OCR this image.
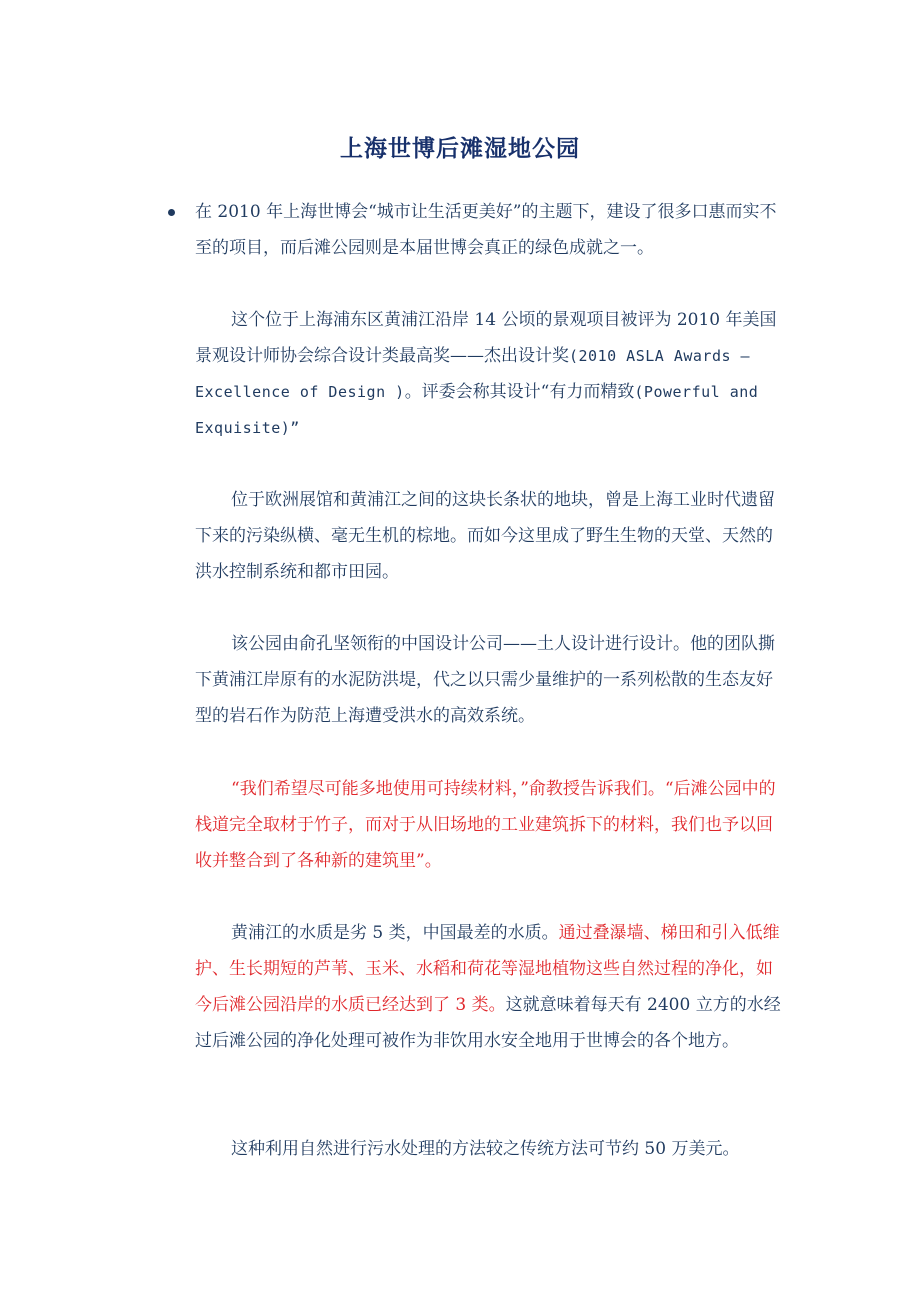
上海世博后滩湿地公园

在 2010 年上海世博会“城市让生活更美好”的主题下，建设了很多口惠而实不至的项目，而后滩公园则是本届世博会真正的绿色成就之一。

这个位于上海浦东区黄浦江沿岸 14 公顷的景观项目被评为 2010 年美国景观设计师协会综合设计类最高奖——杰出设计奖(2010 ASLA Awards – Excellence of Design )。评委会称其设计“有力而精致(Powerful and Exquisite)”

位于欧洲展馆和黄浦江之间的这块长条状的地块，曾是上海工业时代遗留下来的污染纵横、毫无生机的棕地。而如今这里成了野生生物的天堂、天然的洪水控制系统和都市田园。

该公园由俞孔坚领衔的中国设计公司——土人设计进行设计。他的团队撕下黄浦江岸原有的水泥防洪堤，代之以只需少量维护的一系列松散的生态友好型的岩石作为防范上海遭受洪水的高效系统。

“我们希望尽可能多地使用可持续材料，”俞教授告诉我们。“后滩公园中的栈道完全取材于竹子，而对于从旧场地的工业建筑拆下的材料，我们也予以回收并整合到了各种新的建筑里”。

黄浦江的水质是劣 5 类，中国最差的水质。通过叠瀑墙、梯田和引入低维护、生长期短的芦苇、玉米、水稻和荷花等湿地植物这些自然过程的净化，如今后滩公园沿岸的水质已经达到了 3 类。这就意味着每天有 2400 立方的水经过后滩公园的净化处理可被作为非饮用水安全地用于世博会的各个地方。

这种利用自然进行污水处理的方法较之传统方法可节约 50 万美元。
